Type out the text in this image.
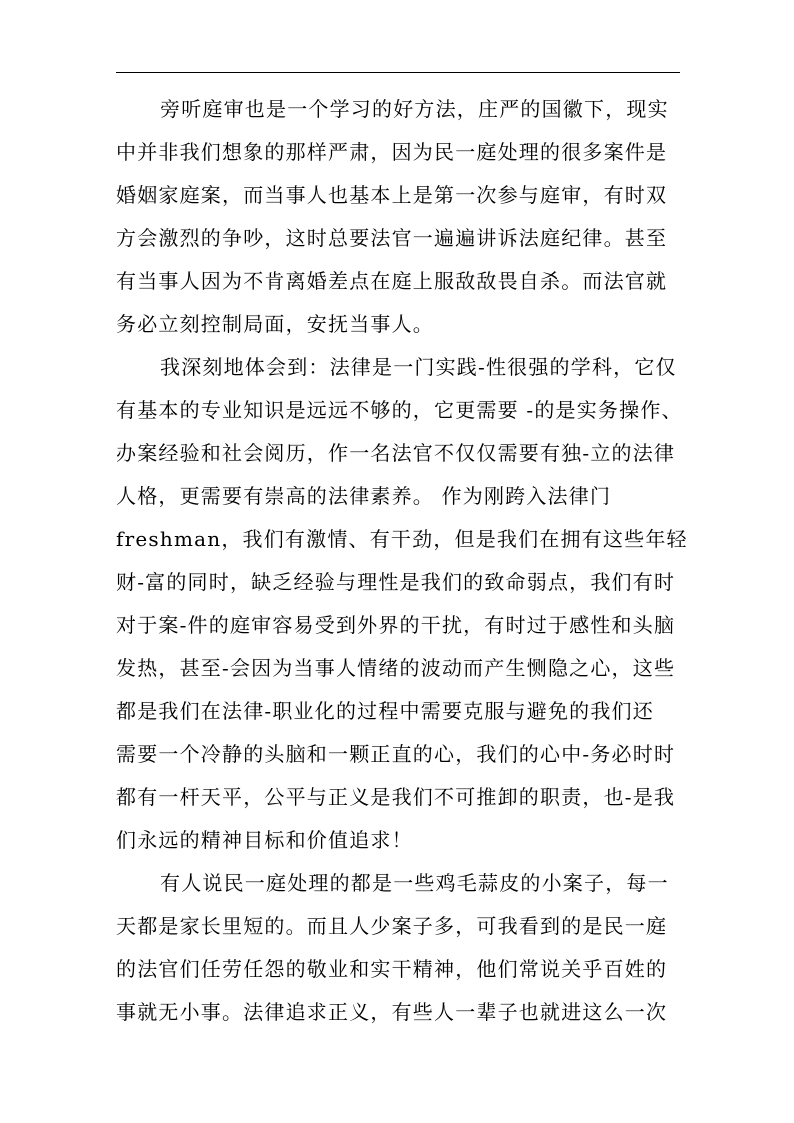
旁听庭审也是一个学习的好方法，庄严的国徽下，现实
中并非我们想象的那样严肃，因为民一庭处理的很多案件是
婚姻家庭案，而当事人也基本上是第一次参与庭审，有时双
方会激烈的争吵，这时总要法官一遍遍讲诉法庭纪律。甚至
有当事人因为不肯离婚差点在庭上服敌敌畏自杀。而法官就
务必立刻控制局面，安抚当事人。
我深刻地体会到：法律是一门实践-性很强的学科，它仅
有基本的专业知识是远远不够的，它更需要 -的是实务操作、
办案经验和社会阅历，作一名法官不仅仅需要有独-立的法律
人格，更需要有崇高的法律素养。 作为刚跨入法律门
freshman，我们有激情、有干劲，但是我们在拥有这些年轻
财-富的同时，缺乏经验与理性是我们的致命弱点，我们有时
对于案-件的庭审容易受到外界的干扰，有时过于感性和头脑
发热，甚至-会因为当事人情绪的波动而产生恻隐之心，这些
都是我们在法律-职业化的过程中需要克服与避免的我们还
需要一个冷静的头脑和一颗正直的心，我们的心中-务必时时
都有一杆天平，公平与正义是我们不可推卸的职责，也-是我
们永远的精神目标和价值追求！
有人说民一庭处理的都是一些鸡毛蒜皮的小案子，每一
天都是家长里短的。而且人少案子多，可我看到的是民一庭
的法官们任劳任怨的敬业和实干精神，他们常说关乎百姓的
事就无小事。法律追求正义，有些人一辈子也就进这么一次
